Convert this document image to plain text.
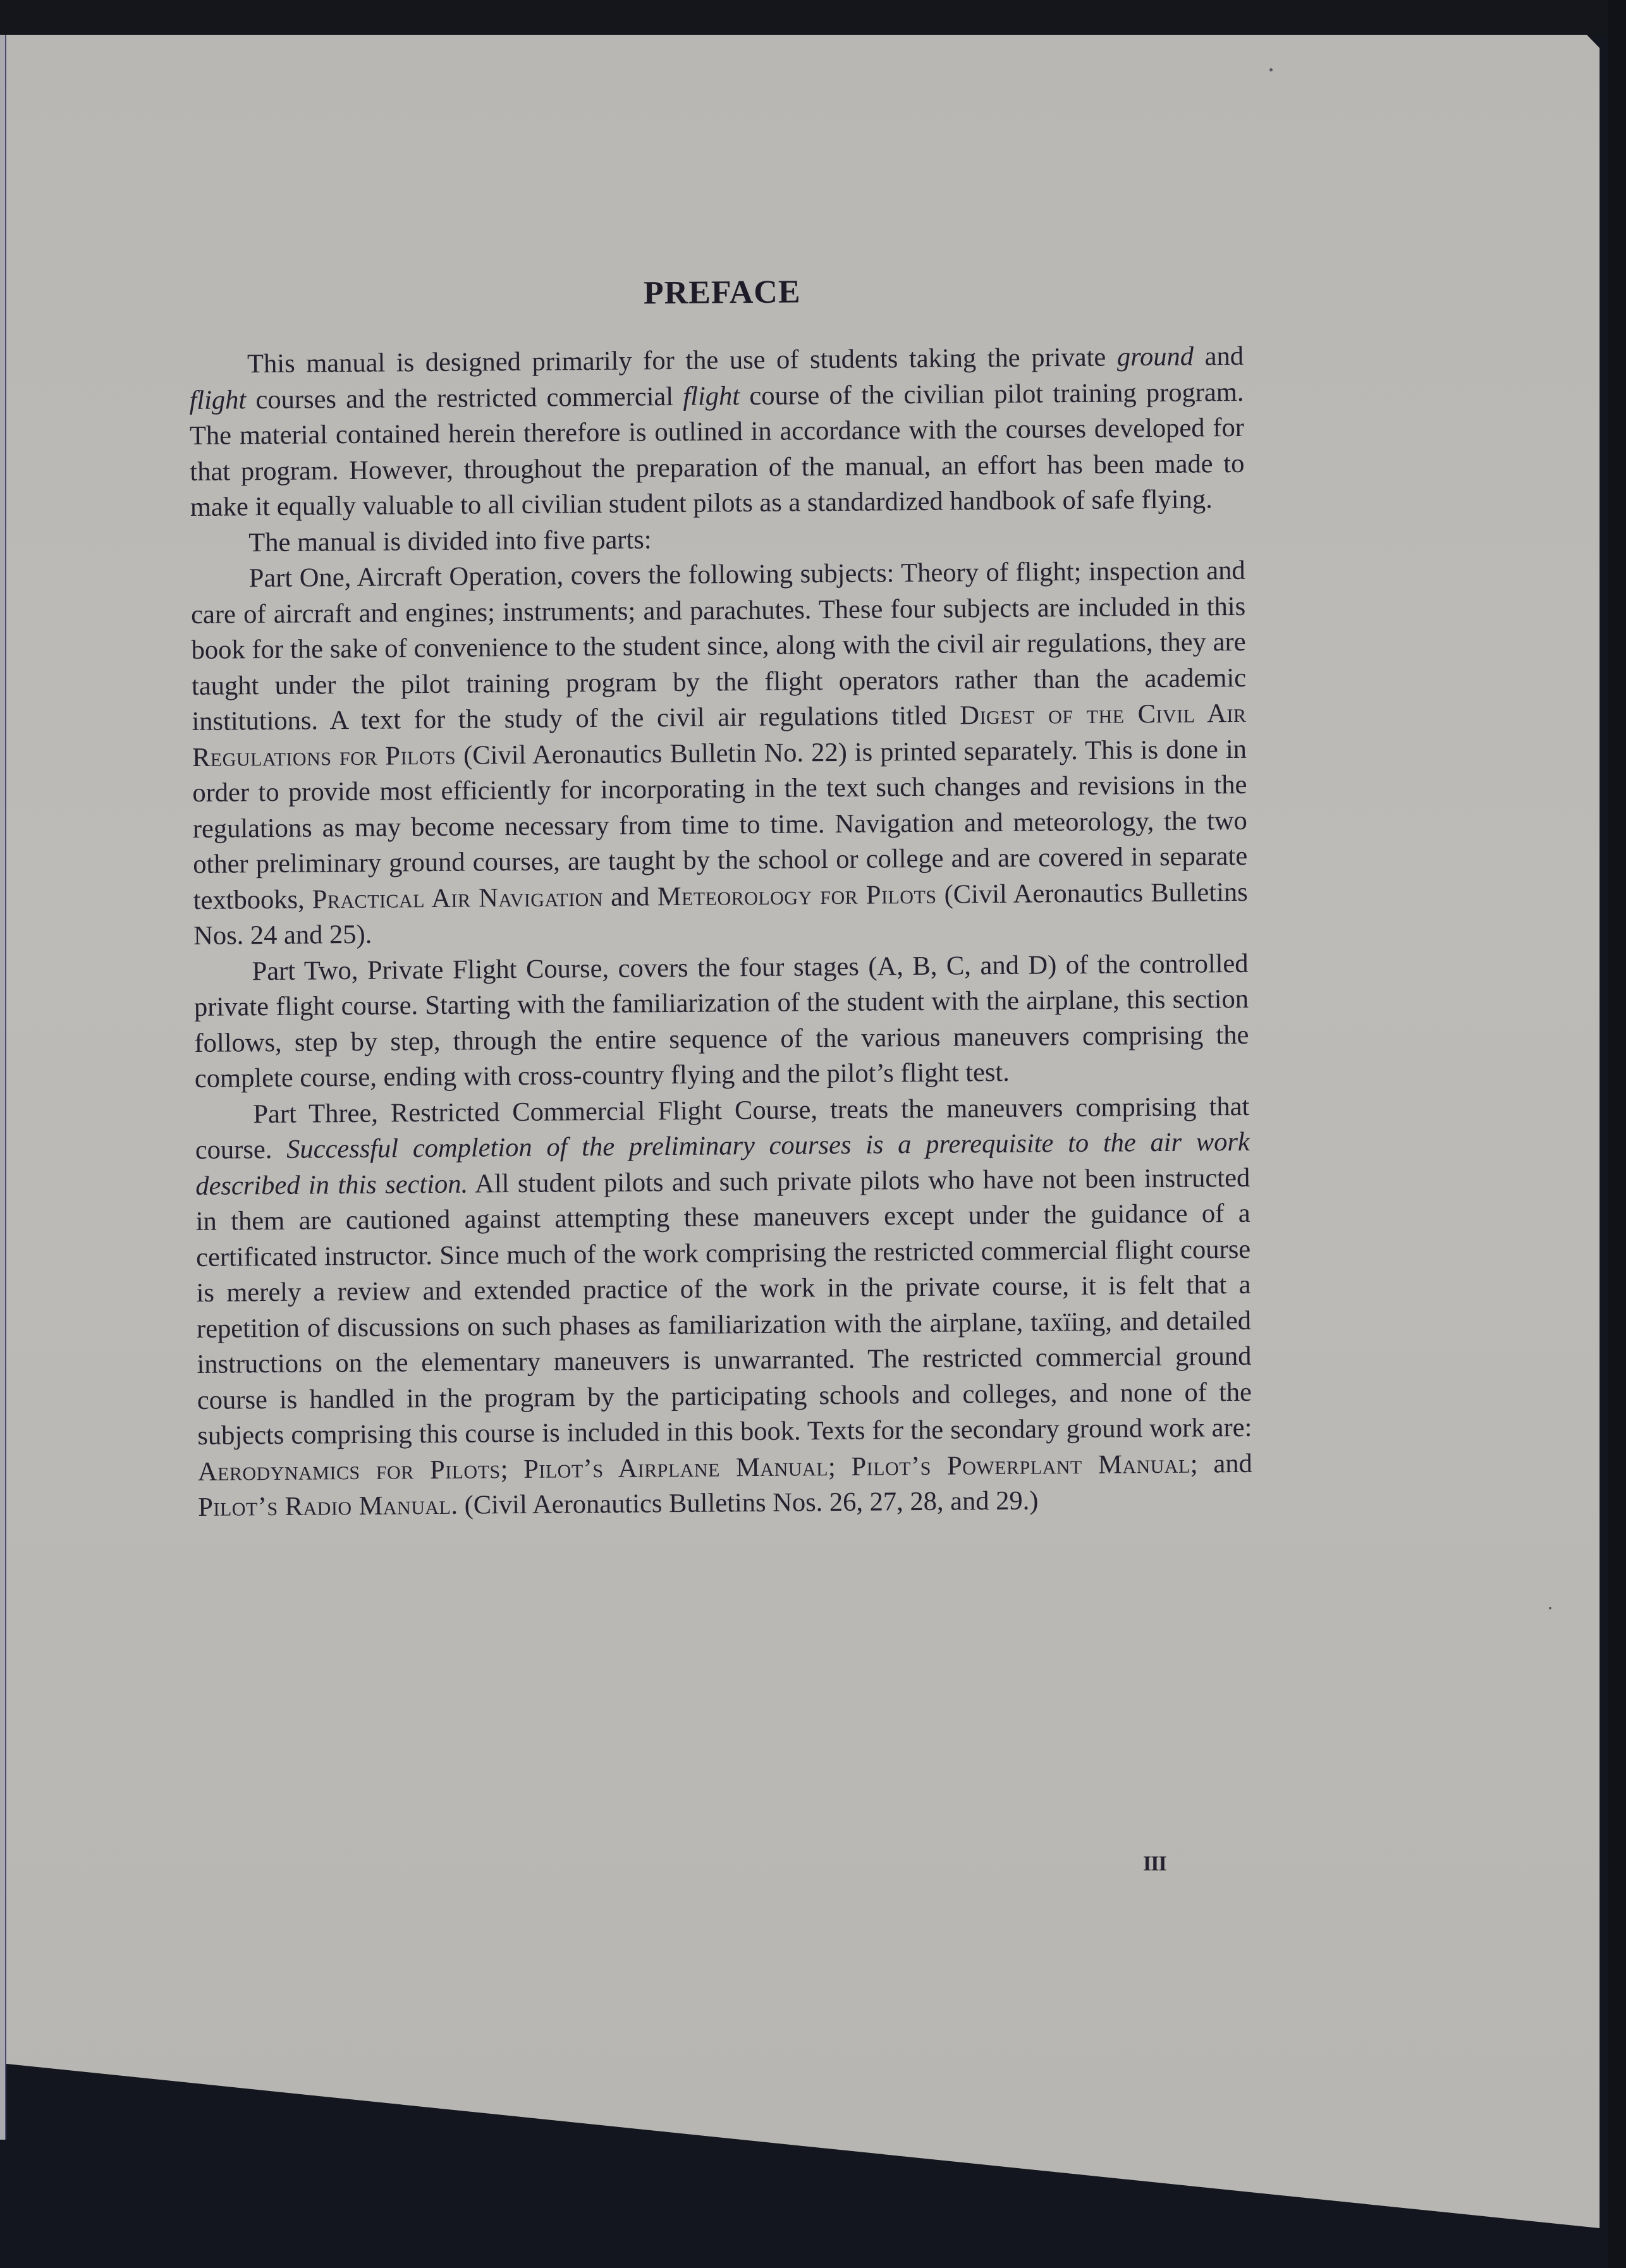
PREFACE

This manual is designed primarily for the use of students taking the private ground and flight courses and the restricted commercial flight course of the civilian pilot training program. The material contained herein therefore is outlined in accordance with the courses developed for that program. However, throughout the preparation of the manual, an effort has been made to make it equally valuable to all civilian student pilots as a standardized handbook of safe flying.

The manual is divided into five parts:

Part One, Aircraft Operation, covers the following subjects: Theory of flight; inspection and care of aircraft and engines; instruments; and parachutes. These four subjects are included in this book for the sake of convenience to the student since, along with the civil air regulations, they are taught under the pilot training program by the flight operators rather than the academic institutions. A text for the study of the civil air regulations titled Digest of the Civil Air Regulations for Pilots (Civil Aeronautics Bulletin No. 22) is printed separately. This is done in order to provide most efficiently for incorporating in the text such changes and revisions in the regulations as may become necessary from time to time. Navigation and meteorology, the two other preliminary ground courses, are taught by the school or college and are covered in separate textbooks, Practical Air Navigation and Meteorology for Pilots (Civil Aeronautics Bulletins Nos. 24 and 25).

Part Two, Private Flight Course, covers the four stages (A, B, C, and D) of the controlled private flight course. Starting with the familiarization of the student with the airplane, this section follows, step by step, through the entire sequence of the various maneuvers comprising the complete course, ending with cross-country flying and the pilot’s flight test.

Part Three, Restricted Commercial Flight Course, treats the maneuvers comprising that course. Successful completion of the preliminary courses is a prerequisite to the air work described in this section. All student pilots and such private pilots who have not been instructed in them are cautioned against attempting these maneuvers except under the guidance of a certificated instructor. Since much of the work comprising the restricted commercial flight course is merely a review and extended practice of the work in the private course, it is felt that a repetition of discussions on such phases as familiarization with the airplane, taxïing, and detailed instructions on the elementary maneuvers is unwarranted. The restricted commercial ground course is handled in the program by the participating schools and colleges, and none of the subjects comprising this course is included in this book. Texts for the secondary ground work are: Aerodynamics for Pilots; Pilot’s Airplane Manual; Pilot’s Powerplant Manual; and Pilot’s Radio Manual. (Civil Aeronautics Bulletins Nos. 26, 27, 28, and 29.)

III
